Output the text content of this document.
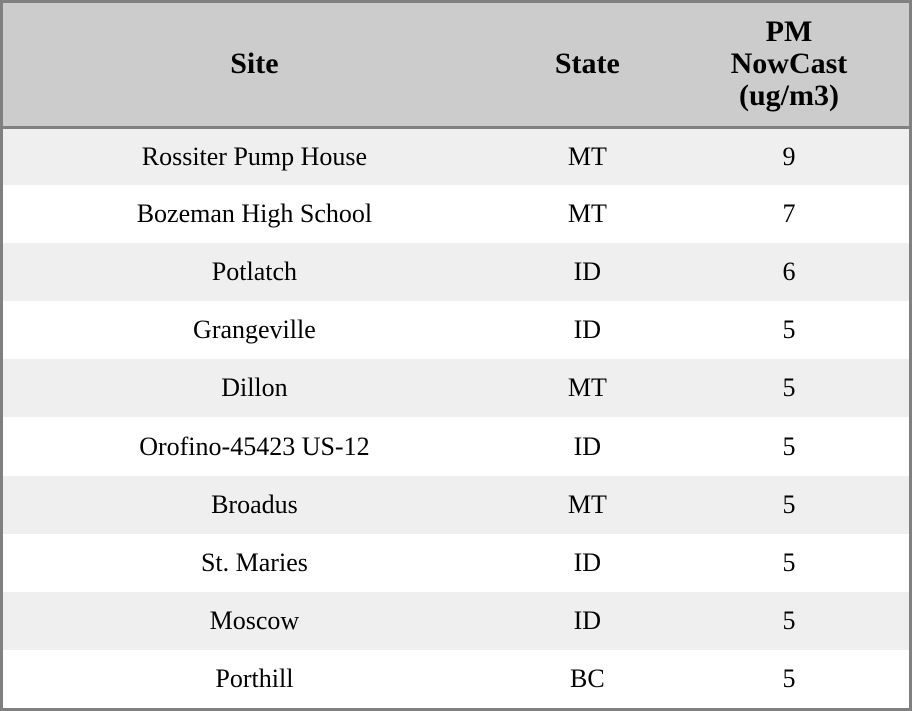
Site	State	PM
NowCast
(ug/m3)
Rossiter Pump House	MT	9
Bozeman High School	MT	7
Potlatch	ID	6
Grangeville	ID	5
Dillon	MT	5
Orofino-45423 US-12	ID	5
Broadus	MT	5
St. Maries	ID	5
Moscow	ID	5
Porthill	BC	5
